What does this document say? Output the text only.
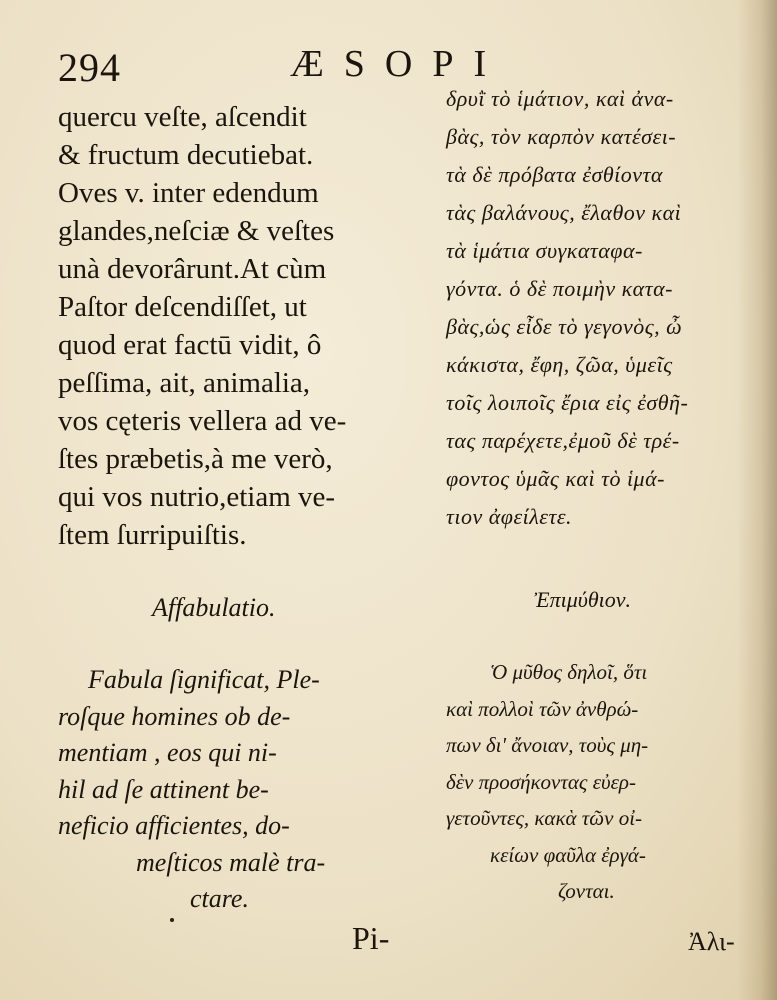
294	ÆSOPI
quercu veſte, aſcendit
& fructum decutiebat.
Oves v. inter edendum
glandes,neſciæ & veſtes
unà devorârunt.At cùm
Paſtor deſcendiſſet, ut
quod erat factū vidit, ô
peſſima, ait, animalia,
vos cęteris vellera ad ve-
ſtes præbetis,à me verò,
qui vos nutrio,etiam ve-
ſtem ſurripuiſtis.
δρυῒ τὸ ἱμάτιον, καὶ ἀνα-
βὰς, τὸν καρπὸν κατέσει-
τὰ δὲ πρόβατα ἐσθίοντα
τὰς βαλάνους, ἔλαθον καὶ
τὰ ἱμάτια συγκαταφα-
γόντα. ὁ δὲ ποιμὴν κατα-
βὰς,ὡς εἶδε τὸ γεγονὸς, ὦ
κάκιστα, ἔφη, ζῶα, ὑμεῖς
τοῖς λοιποῖς ἔρια εἰς ἐσθῆ-
τας παρέχετε,ἐμοῦ δὲ τρέ-
φοντος ὑμᾶς καὶ τὸ ἱμά-
τιον ἀφείλετε.
Affabulatio.	Ἐπιμύθιον.
Fabula ſignificat, Ple-
roſque homines ob de-
mentiam , eos qui ni-
hil ad ſe attinent be-
neficio afficientes, do-
meſticos malè tra-
ctare.
Ὁ μῦθος δηλοῖ, ὅτι
καὶ πολλοὶ τῶν ἀνθρώ-
πων δι' ἄνοιαν, τοὺς μη-
δὲν προσήκοντας εὐερ-
γετοῦντες, κακὰ τῶν οἰ-
κείων φαῦλα ἐργά-
ζονται.
Pi-	Ἀλι-
